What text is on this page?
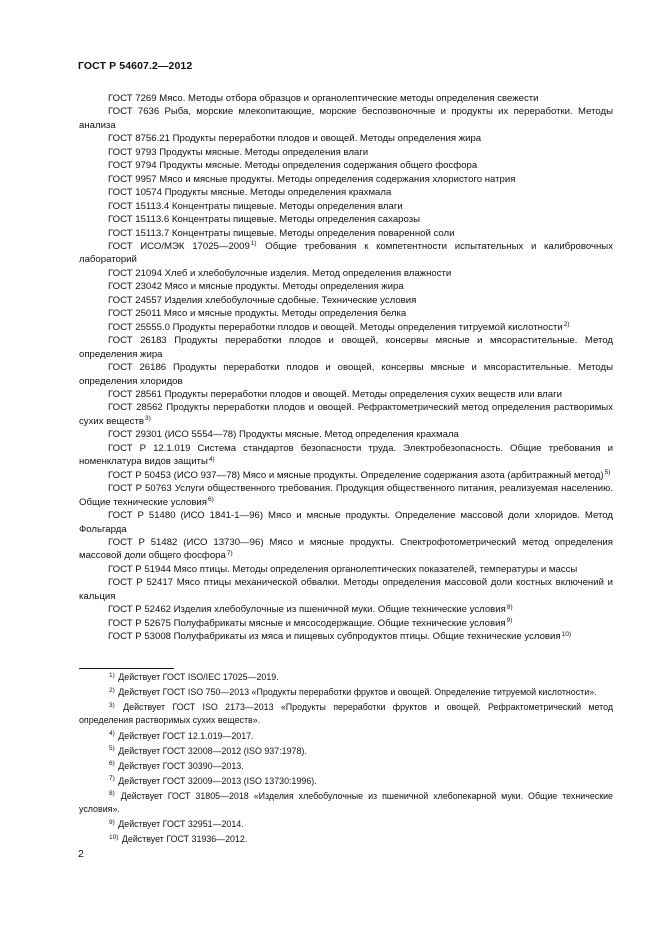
ГОСТ Р 54607.2—2012

ГОСТ 7269 Мясо. Методы отбора образцов и органолептические методы определения свежести

ГОСТ 7636 Рыба, морские млекопитающие, морские беспозвоночные и продукты их переработки. Методы анализа

ГОСТ 8756.21 Продукты переработки плодов и овощей. Методы определения жира

ГОСТ 9793 Продукты мясные. Методы определения влаги

ГОСТ 9794 Продукты мясные. Методы определения содержания общего фосфора

ГОСТ 9957 Мясо и мясные продукты. Методы определения содержания хлористого натрия

ГОСТ 10574 Продукты мясные. Методы определения крахмала

ГОСТ 15113.4 Концентраты пищевые. Методы определения влаги

ГОСТ 15113.6 Концентраты пищевые. Методы определения сахарозы

ГОСТ 15113.7 Концентраты пищевые. Методы определения поваренной соли

ГОСТ ИСО/МЭК 17025—2009$^{1)}$ Общие требования к компетентности испытательных и калибровочных лабораторий

ГОСТ 21094 Хлеб и хлебобулочные изделия. Метод определения влажности

ГОСТ 23042 Мясо и мясные продукты. Методы определения жира

ГОСТ 24557 Изделия хлебобулочные сдобные. Технические условия

ГОСТ 25011 Мясо и мясные продукты. Методы определения белка

ГОСТ 25555.0 Продукты переработки плодов и овощей. Методы определения титруемой кислотности$^{2)}$

ГОСТ 26183 Продукты переработки плодов и овощей, консервы мясные и мясорастительные. Метод определения жира

ГОСТ 26186 Продукты переработки плодов и овощей, консервы мясные и мясорастительные. Методы определения хлоридов

ГОСТ 28561 Продукты переработки плодов и овощей. Методы определения сухих веществ или влаги

ГОСТ 28562 Продукты переработки плодов и овощей. Рефрактометрический метод определения растворимых сухих веществ$^{3)}$

ГОСТ 29301 (ИСО 5554—78) Продукты мясные. Метод определения крахмала

ГОСТ Р 12.1.019 Система стандартов безопасности труда. Электробезопасность. Общие требования и номенклатура видов защиты$^{4)}$

ГОСТ Р 50453 (ИСО 937—78) Мясо и мясные продукты. Определение содержания азота (арбитражный метод)$^{5)}$

ГОСТ Р 50763 Услуги общественного требования. Продукция общественного питания, реализуемая населению. Общие технические условия$^{6)}$

ГОСТ Р 51480 (ИСО 1841-1—96) Мясо и мясные продукты. Определение массовой доли хлоридов. Метод Фольгарда

ГОСТ Р 51482 (ИСО 13730—96) Мясо и мясные продукты. Спектрофотометрический метод определения массовой доли общего фосфора$^{7)}$

ГОСТ Р 51944 Мясо птицы. Методы определения органолептических показателей, температуры и массы

ГОСТ Р 52417 Мясо птицы механической обвалки. Методы определения массовой доли костных включений и кальция

ГОСТ Р 52462 Изделия хлебобулочные из пшеничной муки. Общие технические условия$^{8)}$

ГОСТ Р 52675 Полуфабрикаты мясные и мясосодержащие. Общие технические условия$^{9)}$

ГОСТ Р 53008 Полуфабрикаты из мяса и пищевых субпродуктов птицы. Общие технические условия$^{10)}$

$^{1)}$ Действует ГОСТ ISO/IEC 17025—2019.

$^{2)}$ Действует ГОСТ ISO 750—2013 «Продукты переработки фруктов и овощей. Определение титруемой кислотности».

$^{3)}$ Действует ГОСТ ISO 2173—2013 «Продукты переработки фруктов и овощей. Рефрактометрический метод определения растворимых сухих веществ».

$^{4)}$ Действует ГОСТ 12.1.019—2017.

$^{5)}$ Действует ГОСТ 32008—2012 (ISO 937:1978).

$^{6)}$ Действует ГОСТ 30390—2013.

$^{7)}$ Действует ГОСТ 32009—2013 (ISO 13730:1996).

$^{8)}$ Действует ГОСТ 31805—2018 «Изделия хлебобулочные из пшеничной хлебопекарной муки. Общие технические условия».

$^{9)}$ Действует ГОСТ 32951—2014.

$^{10)}$ Действует ГОСТ 31936—2012.

2
